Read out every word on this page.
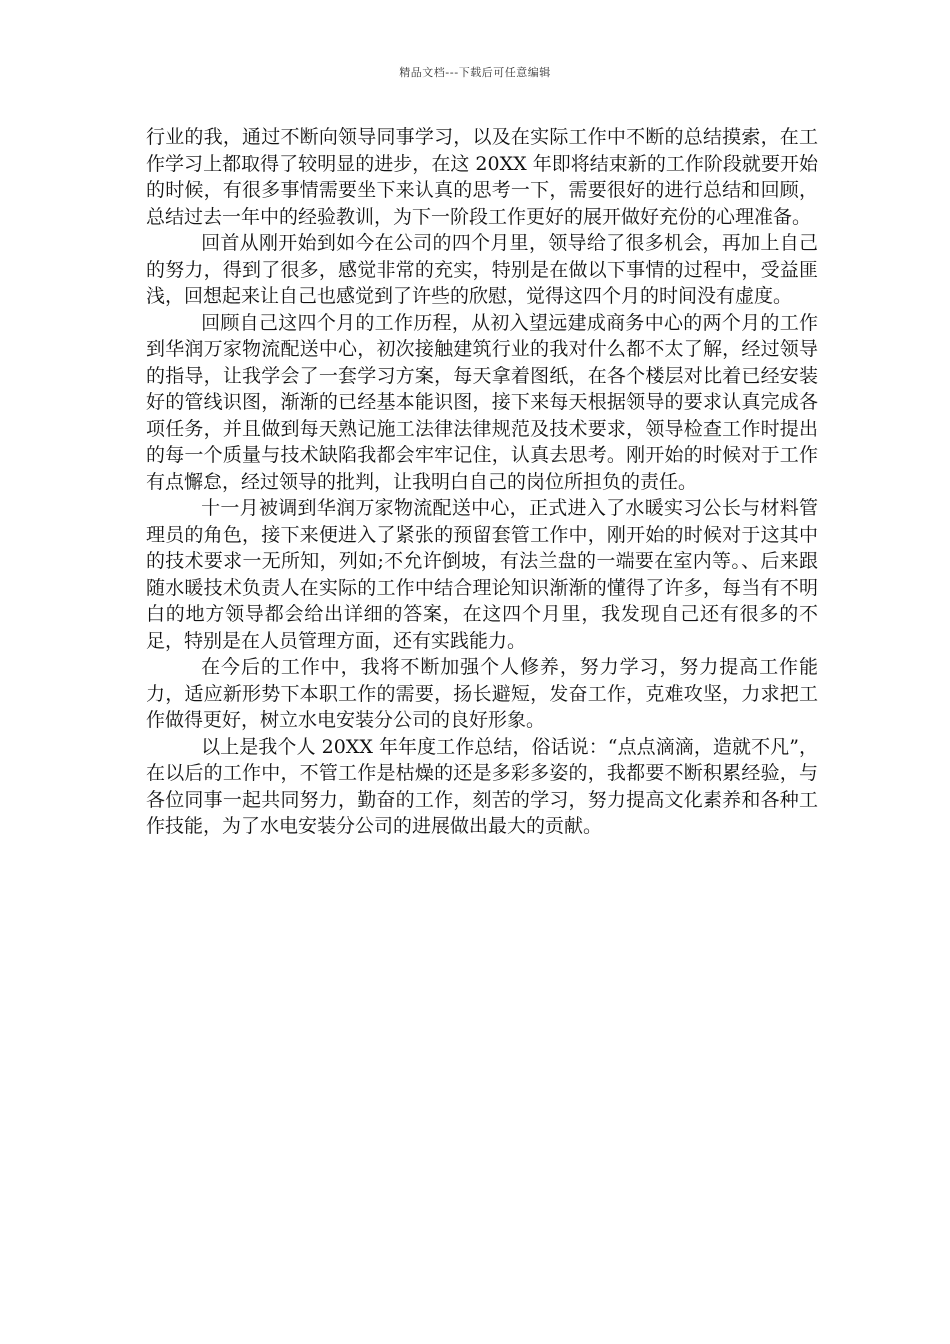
精品文档---下载后可任意编辑

行业的我，通过不断向领导同事学习，以及在实际工作中不断的总结摸索，在工作学习上都取得了较明显的进步，在这 20XX 年即将结束新的工作阶段就要开始的时候，有很多事情需要坐下来认真的思考一下，需要很好的进行总结和回顾，总结过去一年中的经验教训，为下一阶段工作更好的展开做好充份的心理准备。

回首从刚开始到如今在公司的四个月里，领导给了很多机会，再加上自己的努力，得到了很多，感觉非常的充实，特别是在做以下事情的过程中，受益匪浅，回想起来让自己也感觉到了许些的欣慰，觉得这四个月的时间没有虚度。

回顾自己这四个月的工作历程，从初入望远建成商务中心的两个月的工作到华润万家物流配送中心，初次接触建筑行业的我对什么都不太了解，经过领导的指导，让我学会了一套学习方案，每天拿着图纸，在各个楼层对比着已经安装好的管线识图，渐渐的已经基本能识图，接下来每天根据领导的要求认真完成各项任务，并且做到每天熟记施工法律法律规范及技术要求，领导检查工作时提出的每一个质量与技术缺陷我都会牢牢记住，认真去思考。刚开始的时候对于工作有点懈怠，经过领导的批判，让我明白自己的岗位所担负的责任。

十一月被调到华润万家物流配送中心，正式进入了水暖实习公长与材料管理员的角色，接下来便进入了紧张的预留套管工作中，刚开始的时候对于这其中的技术要求一无所知，列如;不允许倒坡，有法兰盘的一端要在室内等。、后来跟随水暖技术负责人在实际的工作中结合理论知识渐渐的懂得了许多，每当有不明白的地方领导都会给出详细的答案，在这四个月里，我发现自己还有很多的不足，特别是在人员管理方面，还有实践能力。

在今后的工作中，我将不断加强个人修养，努力学习，努力提高工作能力，适应新形势下本职工作的需要，扬长避短，发奋工作，克难攻坚，力求把工作做得更好，树立水电安装分公司的良好形象。

以上是我个人 20XX 年年度工作总结，俗话说：“点点滴滴，造就不凡”，在以后的工作中，不管工作是枯燥的还是多彩多姿的，我都要不断积累经验，与各位同事一起共同努力，勤奋的工作，刻苦的学习，努力提高文化素养和各种工作技能，为了水电安装分公司的进展做出最大的贡献。
